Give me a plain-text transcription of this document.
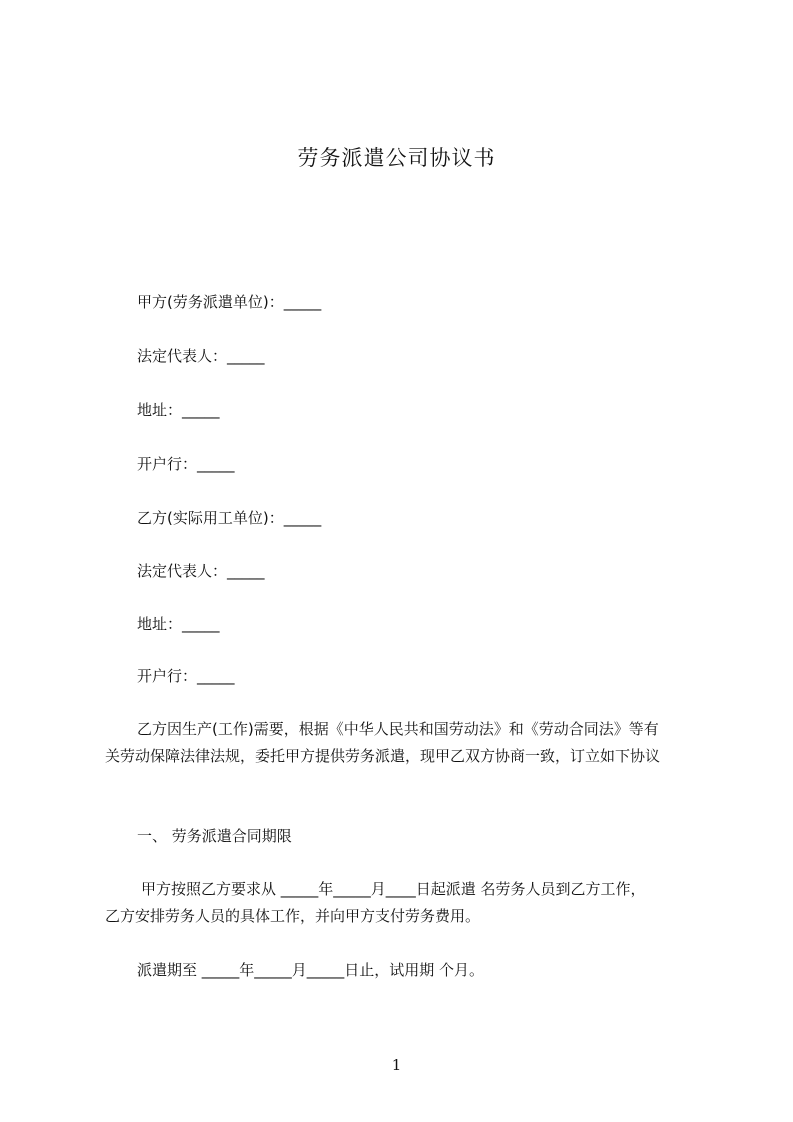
劳务派遣公司协议书
甲方(劳务派遣单位)：_____
法定代表人：_____
地址：_____
开户行：_____
乙方(实际用工单位)：_____
法定代表人：_____
地址：_____
开户行：_____
乙方因生产(工作)需要，根据《中华人民共和国劳动法》和《劳动合同法》等有
关劳动保障法律法规，委托甲方提供劳务派遣，现甲乙双方协商一致，订立如下协议
一、 劳务派遣合同期限
甲方按照乙方要求从 _____年_____月____日起派遣 名劳务人员到乙方工作，
乙方安排劳务人员的具体工作，并向甲方支付劳务费用。
派遣期至 _____年_____月_____日止，试用期 个月。
1
